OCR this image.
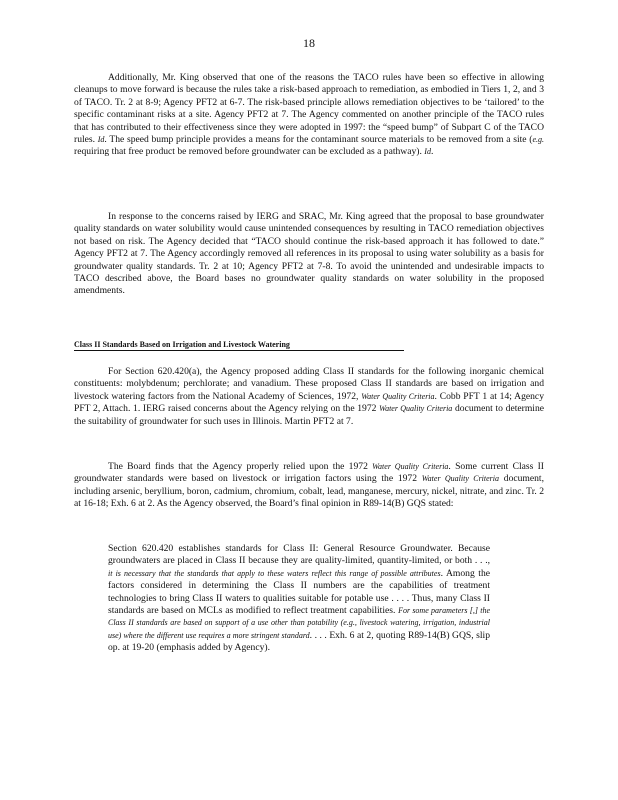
18

Additionally, Mr. King observed that one of the reasons the TACO rules have been so effective in allowing cleanups to move forward is because the rules take a risk-based approach to remediation, as embodied in Tiers 1, 2, and 3 of TACO. Tr. 2 at 8-9; Agency PFT2 at 6-7. The risk-based principle allows remediation objectives to be ‘tailored’ to the specific contaminant risks at a site. Agency PFT2 at 7. The Agency commented on another principle of the TACO rules that has contributed to their effectiveness since they were adopted in 1997: the “speed bump” of Subpart C of the TACO rules. Id. The speed bump principle provides a means for the contaminant source materials to be removed from a site (e.g. requiring that free product be removed before groundwater can be excluded as a pathway). Id.

In response to the concerns raised by IERG and SRAC, Mr. King agreed that the proposal to base groundwater quality standards on water solubility would cause unintended consequences by resulting in TACO remediation objectives not based on risk. The Agency decided that “TACO should continue the risk-based approach it has followed to date.” Agency PFT2 at 7. The Agency accordingly removed all references in its proposal to using water solubility as a basis for groundwater quality standards. Tr. 2 at 10; Agency PFT2 at 7-8. To avoid the unintended and undesirable impacts to TACO described above, the Board bases no groundwater quality standards on water solubility in the proposed amendments.

Class II Standards Based on Irrigation and Livestock Watering

For Section 620.420(a), the Agency proposed adding Class II standards for the following inorganic chemical constituents: molybdenum; perchlorate; and vanadium. These proposed Class II standards are based on irrigation and livestock watering factors from the National Academy of Sciences, 1972, Water Quality Criteria. Cobb PFT 1 at 14; Agency PFT 2, Attach. 1. IERG raised concerns about the Agency relying on the 1972 Water Quality Criteria document to determine the suitability of groundwater for such uses in Illinois. Martin PFT2 at 7.

The Board finds that the Agency properly relied upon the 1972 Water Quality Criteria. Some current Class II groundwater standards were based on livestock or irrigation factors using the 1972 Water Quality Criteria document, including arsenic, beryllium, boron, cadmium, chromium, cobalt, lead, manganese, mercury, nickel, nitrate, and zinc. Tr. 2 at 16-18; Exh. 6 at 2. As the Agency observed, the Board’s final opinion in R89-14(B) GQS stated:

Section 620.420 establishes standards for Class II: General Resource Groundwater. Because groundwaters are placed in Class II because they are quality-limited, quantity-limited, or both . . ., it is necessary that the standards that apply to these waters reflect this range of possible attributes. Among the factors considered in determining the Class II numbers are the capabilities of treatment technologies to bring Class II waters to qualities suitable for potable use . . . . Thus, many Class II standards are based on MCLs as modified to reflect treatment capabilities. For some parameters [,] the Class II standards are based on support of a use other than potability (e.g., livestock watering, irrigation, industrial use) where the different use requires a more stringent standard. . . . Exh. 6 at 2, quoting R89-14(B) GQS, slip op. at 19-20 (emphasis added by Agency).
